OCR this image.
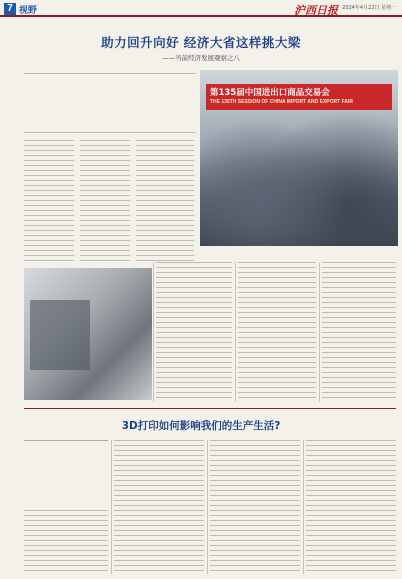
7 视野	沪西日报 2024年4月22日 星期一
助力回升向好 经济大省这样挑大梁
——当前经济发展观察之八
第135届中国进出口商品交易会
THE 135TH SESSION OF CHINA IMPORT AND EXPORT FAIR
3D打印如何影响我们的生产生活?
